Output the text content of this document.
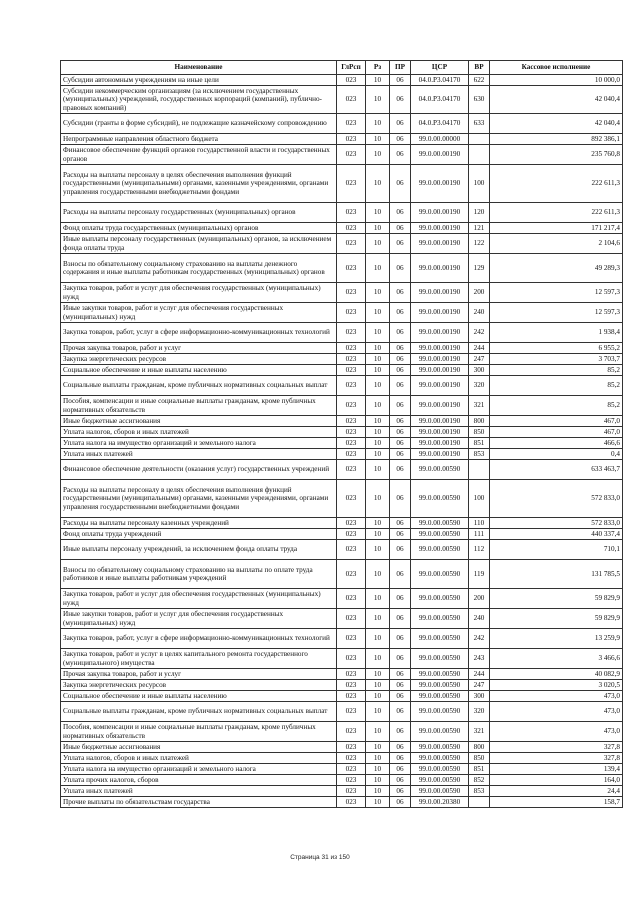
Наименование	ГлРсп	Рз	ПР	ЦСР	ВР	Кассовое исполнение
Субсидии автономным учреждениям на иные цели	023	10	06	04.0.Р3.04170	622	10 000,0
Субсидии некоммерческим организациям (за исключением государственных (муниципальных) учреждений, государственных корпораций (компаний), публично-правовых компаний)	023	10	06	04.0.Р3.04170	630	42 040,4
Субсидии (гранты в форме субсидий), не подлежащие казначейскому сопровождению	023	10	06	04.0.Р3.04170	633	42 040,4
Непрограммные направления областного бюджета	023	10	06	99.0.00.00000		892 386,1
Финансовое обеспечение функций органов государственной власти и государственных органов	023	10	06	99.0.00.00190		235 760,8
Расходы на выплаты персоналу в целях обеспечения выполнения функций государственными (муниципальными) органами, казенными учреждениями, органами управления государственными внебюджетными фондами	023	10	06	99.0.00.00190	100	222 611,3
Расходы на выплаты персоналу государственных (муниципальных) органов	023	10	06	99.0.00.00190	120	222 611,3
Фонд оплаты труда государственных (муниципальных) органов	023	10	06	99.0.00.00190	121	171 217,4
Иные выплаты персоналу государственных (муниципальных) органов, за исключением фонда оплаты труда	023	10	06	99.0.00.00190	122	2 104,6
Взносы по обязательному социальному страхованию на выплаты денежного содержания и иные выплаты работникам государственных (муниципальных) органов	023	10	06	99.0.00.00190	129	49 289,3
Закупка товаров, работ и услуг для обеспечения государственных (муниципальных) нужд	023	10	06	99.0.00.00190	200	12 597,3
Иные закупки товаров, работ и услуг для обеспечения государственных (муниципальных) нужд	023	10	06	99.0.00.00190	240	12 597,3
Закупка товаров, работ, услуг в сфере информационно-коммуникационных технологий	023	10	06	99.0.00.00190	242	1 938,4
Прочая закупка товаров, работ и услуг	023	10	06	99.0.00.00190	244	6 955,2
Закупка энергетических ресурсов	023	10	06	99.0.00.00190	247	3 703,7
Социальное обеспечение и иные выплаты населению	023	10	06	99.0.00.00190	300	85,2
Социальные выплаты гражданам, кроме публичных нормативных социальных выплат	023	10	06	99.0.00.00190	320	85,2
Пособия, компенсации и иные социальные выплаты гражданам, кроме публичных нормативных обязательств	023	10	06	99.0.00.00190	321	85,2
Иные бюджетные ассигнования	023	10	06	99.0.00.00190	800	467,0
Уплата налогов, сборов и иных платежей	023	10	06	99.0.00.00190	850	467,0
Уплата налога на имущество организаций и земельного налога	023	10	06	99.0.00.00190	851	466,6
Уплата иных платежей	023	10	06	99.0.00.00190	853	0,4
Финансовое обеспечение деятельности (оказания услуг) государственных учреждений	023	10	06	99.0.00.00590		633 463,7
Расходы на выплаты персоналу в целях обеспечения выполнения функций государственными (муниципальными) органами, казенными учреждениями, органами управления государственными внебюджетными фондами	023	10	06	99.0.00.00590	100	572 833,0
Расходы на выплаты персоналу казенных учреждений	023	10	06	99.0.00.00590	110	572 833,0
Фонд оплаты труда учреждений	023	10	06	99.0.00.00590	111	440 337,4
Иные выплаты персоналу учреждений, за исключением фонда оплаты труда	023	10	06	99.0.00.00590	112	710,1
Взносы по обязательному социальному страхованию на выплаты по оплате труда работников и иные выплаты работникам учреждений	023	10	06	99.0.00.00590	119	131 785,5
Закупка товаров, работ и услуг для обеспечения государственных (муниципальных) нужд	023	10	06	99.0.00.00590	200	59 829,9
Иные закупки товаров, работ и услуг для обеспечения государственных (муниципальных) нужд	023	10	06	99.0.00.00590	240	59 829,9
Закупка товаров, работ, услуг в сфере информационно-коммуникационных технологий	023	10	06	99.0.00.00590	242	13 259,9
Закупка товаров, работ и услуг в целях капитального ремонта государственного (муниципального) имущества	023	10	06	99.0.00.00590	243	3 466,6
Прочая закупка товаров, работ и услуг	023	10	06	99.0.00.00590	244	40 082,9
Закупка энергетических ресурсов	023	10	06	99.0.00.00590	247	3 020,5
Социальное обеспечение и иные выплаты населению	023	10	06	99.0.00.00590	300	473,0
Социальные выплаты гражданам, кроме публичных нормативных социальных выплат	023	10	06	99.0.00.00590	320	473,0
Пособия, компенсации и иные социальные выплаты гражданам, кроме публичных нормативных обязательств	023	10	06	99.0.00.00590	321	473,0
Иные бюджетные ассигнования	023	10	06	99.0.00.00590	800	327,8
Уплата налогов, сборов и иных платежей	023	10	06	99.0.00.00590	850	327,8
Уплата налога на имущество организаций и земельного налога	023	10	06	99.0.00.00590	851	139,4
Уплата прочих налогов, сборов	023	10	06	99.0.00.00590	852	164,0
Уплата иных платежей	023	10	06	99.0.00.00590	853	24,4
Прочие выплаты по обязательствам государства	023	10	06	99.0.00.20380		158,7
Страница 31 из 150
